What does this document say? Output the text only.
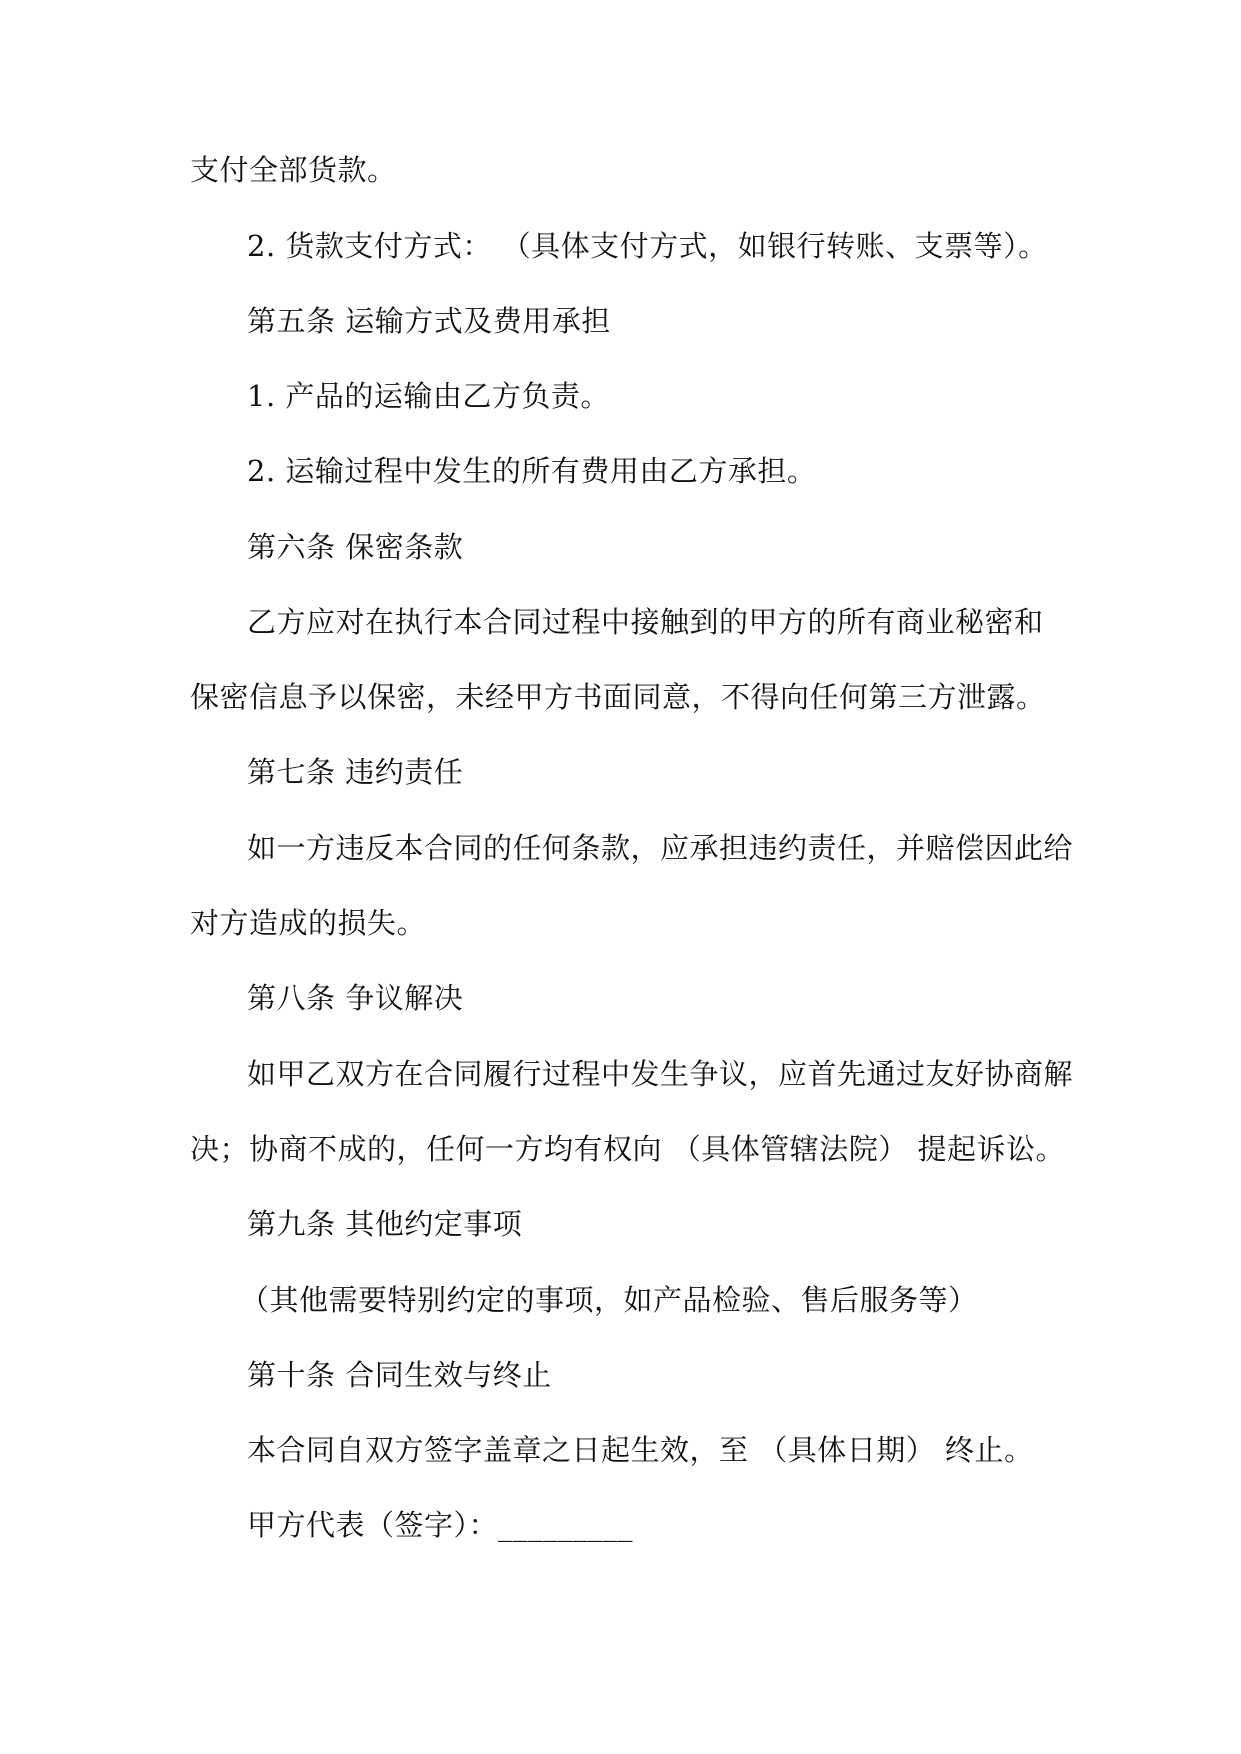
支付全部货款。
2. 货款支付方式： （具体支付方式，如银行转账、支票等）。
第五条 运输方式及费用承担
1. 产品的运输由乙方负责。
2. 运输过程中发生的所有费用由乙方承担。
第六条 保密条款
乙方应对在执行本合同过程中接触到的甲方的所有商业秘密和
保密信息予以保密，未经甲方书面同意，不得向任何第三方泄露。
第七条 违约责任
如一方违反本合同的任何条款，应承担违约责任，并赔偿因此给
对方造成的损失。
第八条 争议解决
如甲乙双方在合同履行过程中发生争议，应首先通过友好协商解
决；协商不成的，任何一方均有权向 （具体管辖法院） 提起诉讼。
第九条 其他约定事项
（其他需要特别约定的事项，如产品检验、售后服务等）
第十条 合同生效与终止
本合同自双方签字盖章之日起生效，至 （具体日期） 终止。
甲方代表（签字）：_________
